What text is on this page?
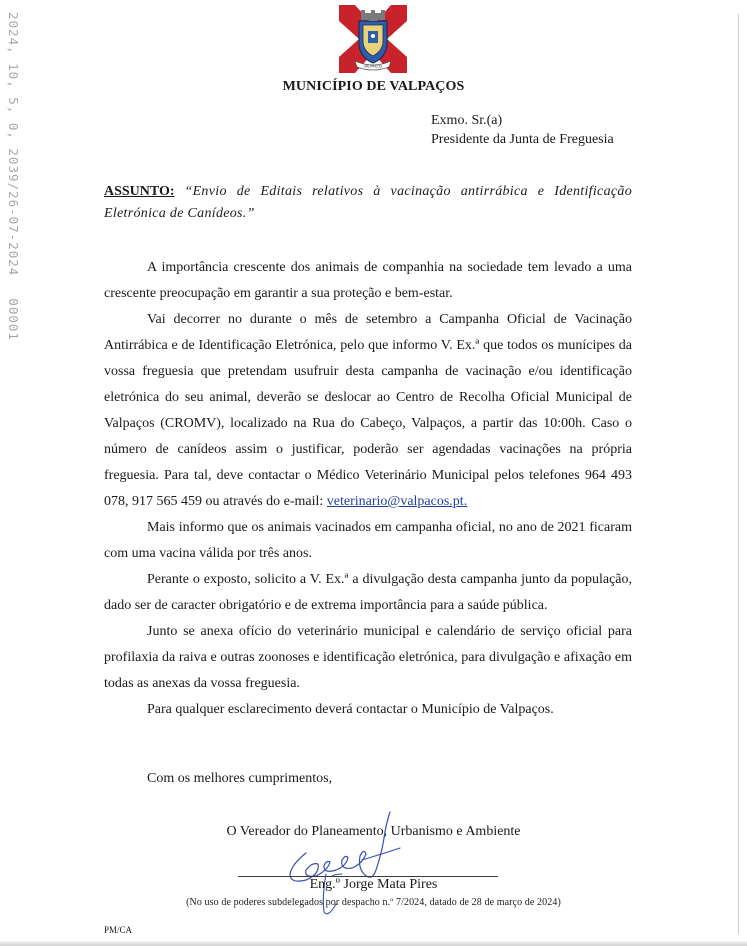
2024, 10, 5, 0, 2039/26-07-202400001
VALPAÇOS
MUNICÍPIO DE VALPAÇOS
Exmo. Sr.(a)
Presidente da Junta de Freguesia
ASSUNTO: “Envio de Editais relativos à vacinação antirrábica e Identificação Eletrónica de Canídeos.”

A importância crescente dos animais de companhia na sociedade tem levado a uma crescente preocupação em garantir a sua proteção e bem-estar.

Vai decorrer no durante o mês de setembro a Campanha Oficial de Vacinação Antirrábica e de Identificação Eletrónica, pelo que informo V. Ex.ª que todos os munícipes da vossa freguesia que pretendam usufruir desta campanha de vacinação e/ou identificação eletrónica do seu animal, deverão se deslocar ao Centro de Recolha Oficial Municipal de Valpaços (CROMV), localizado na Rua do Cabeço, Valpaços, a partir das 10:00h. Caso o número de canídeos assim o justificar, poderão ser agendadas vacinações na própria freguesia. Para tal, deve contactar o Médico Veterinário Municipal pelos telefones 964 493 078, 917 565 459 ou através do e-mail: veterinario@valpacos.pt.

Mais informo que os animais vacinados em campanha oficial, no ano de 2021 ficaram com uma vacina válida por três anos.

Perante o exposto, solicito a V. Ex.ª a divulgação desta campanha junto da população, dado ser de caracter obrigatório e de extrema importância para a saúde pública.

Junto se anexa ofício do veterinário municipal e calendário de serviço oficial para profilaxia da raiva e outras zoonoses e identificação eletrónica, para divulgação e afixação em todas as anexas da vossa freguesia.

Para qualquer esclarecimento deverá contactar o Município de Valpaços.

Com os melhores cumprimentos,
O Vereador do Planeamento, Urbanismo e Ambiente
Eng.º Jorge Mata Pires
(No uso de poderes subdelegados por despacho n.º 7/2024, datado de 28 de março de 2024)
PM/CA
